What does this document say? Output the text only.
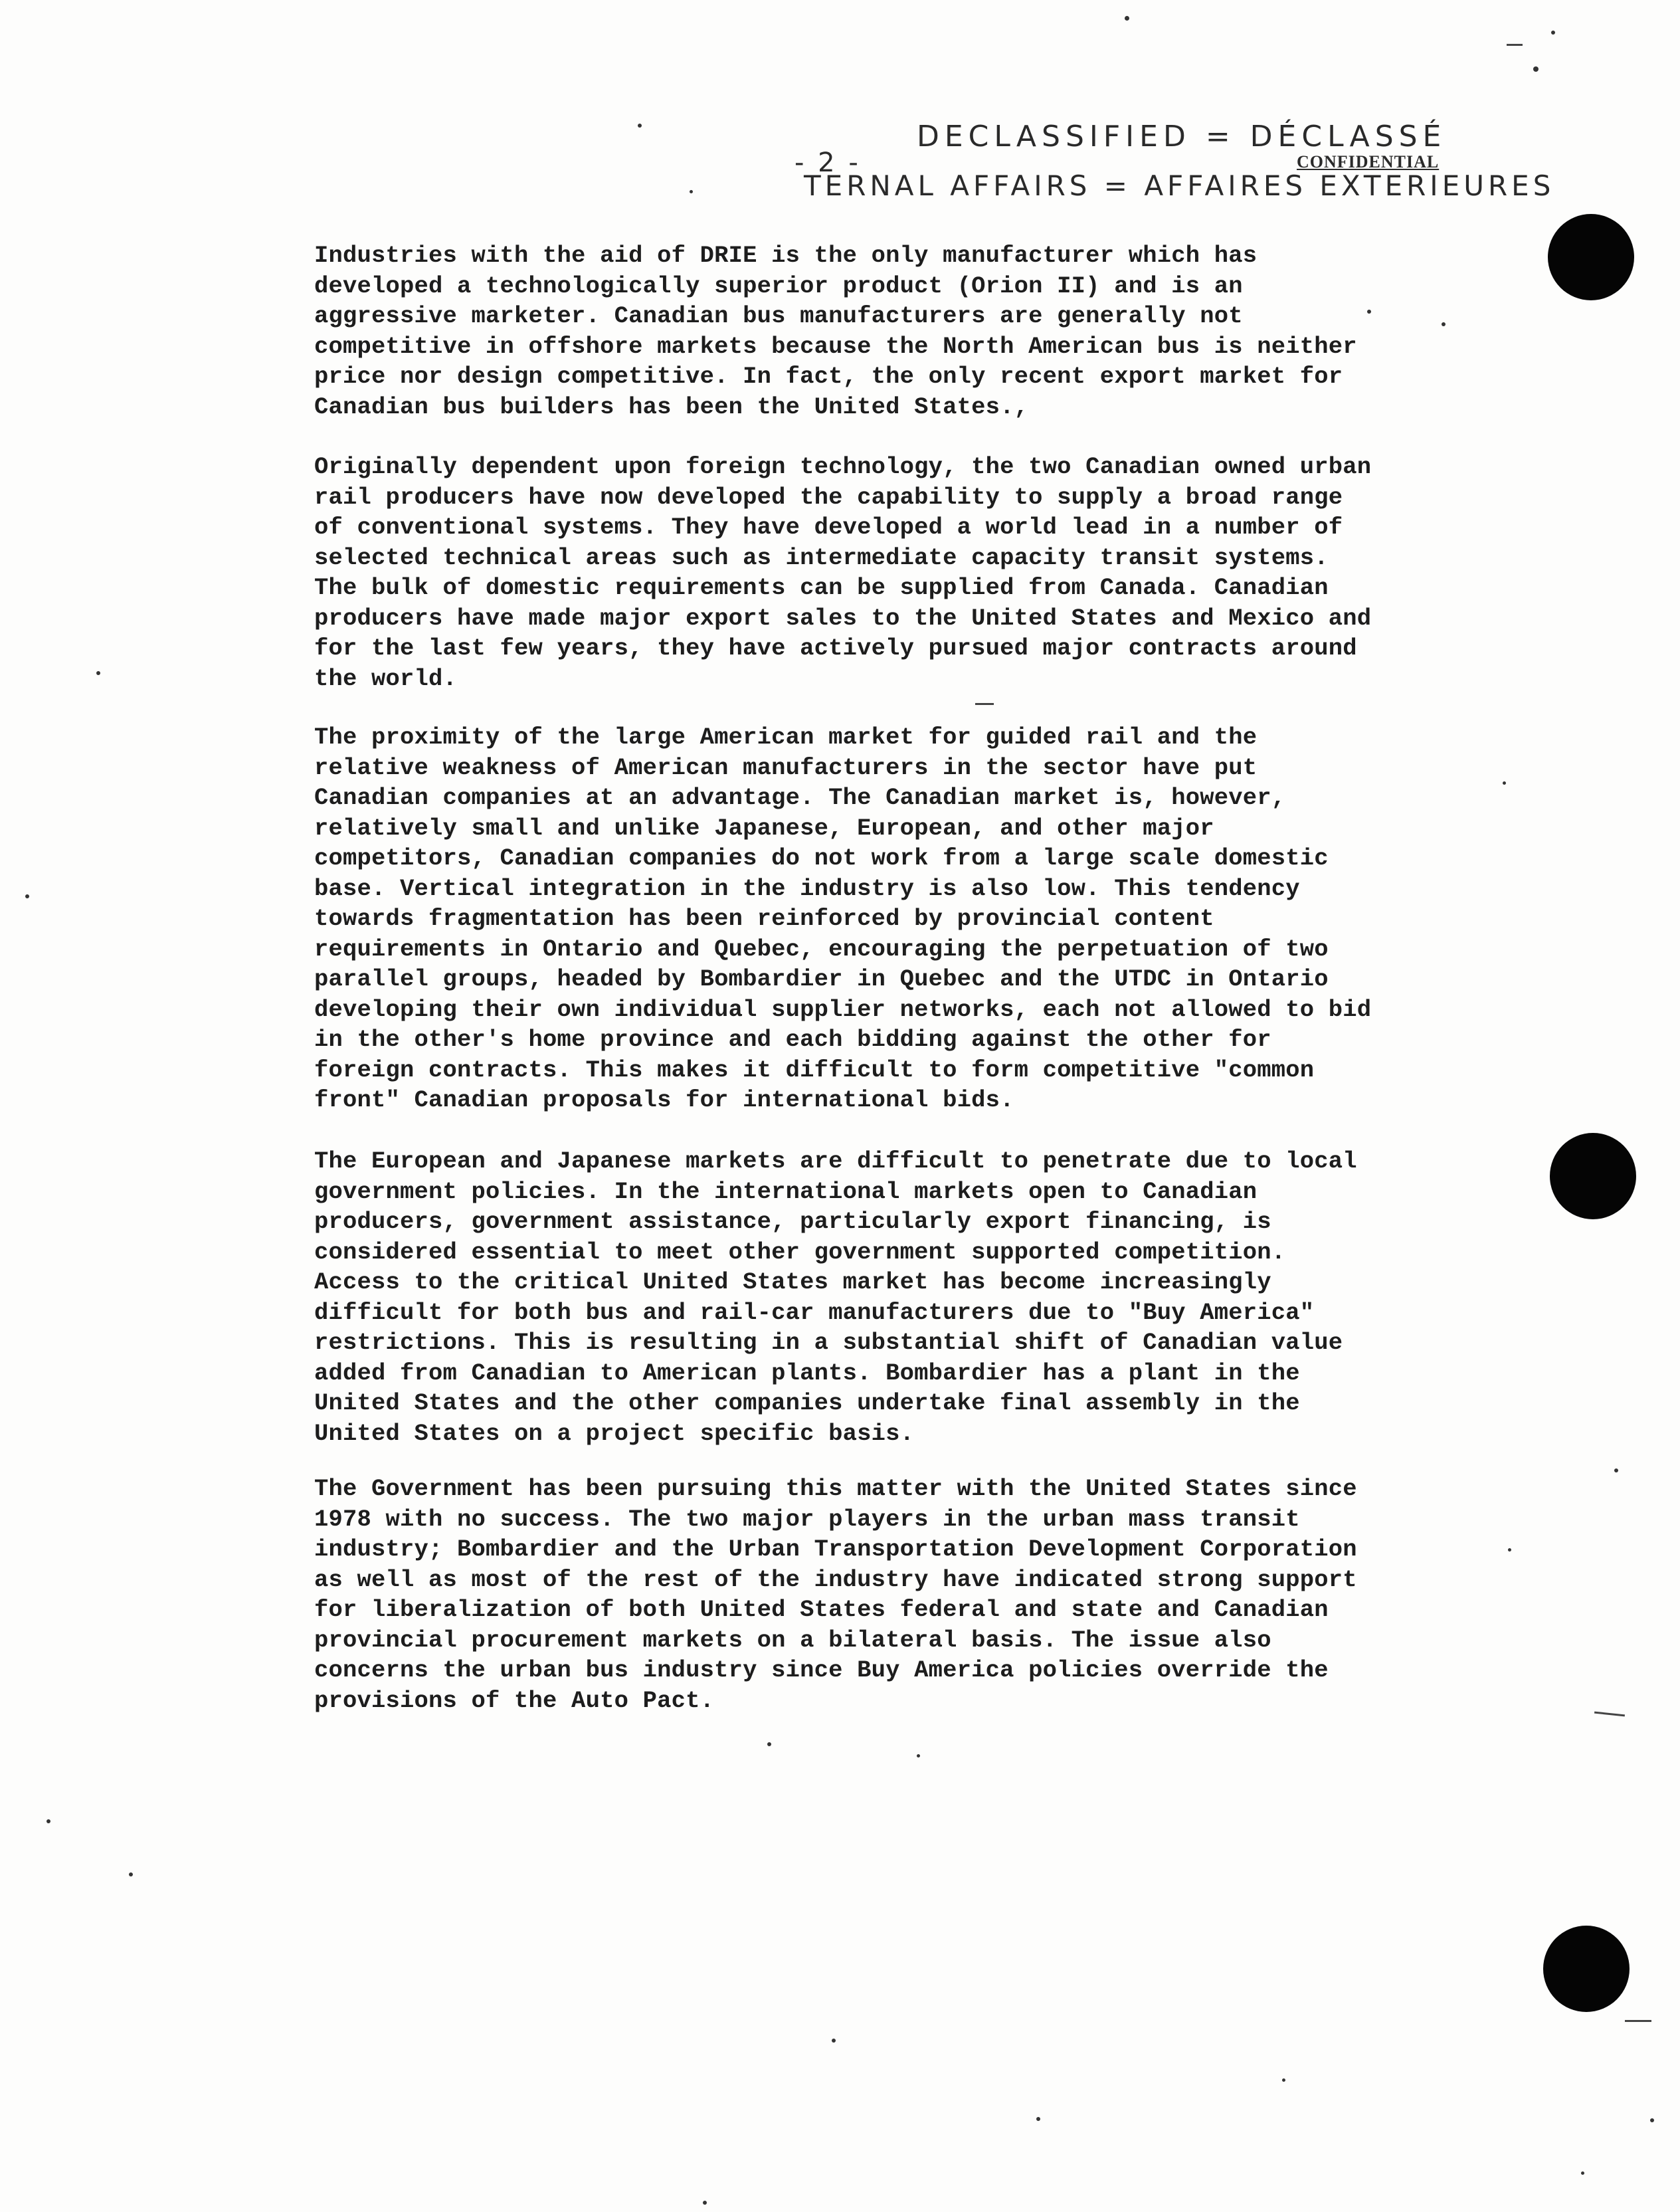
DECLASSIFIED = DÉCLASSÉ
- 2 -	CONFIDENTIAL
TERNAL AFFAIRS = AFFAIRES EXTERIEURES
Industries with the aid of DRIE is the only manufacturer which has
developed a technologically superior product (Orion II) and is an
aggressive marketer. Canadian bus manufacturers are generally not
competitive in offshore markets because the North American bus is neither
price nor design competitive. In fact, the only recent export market for
Canadian bus builders has been the United States.,
Originally dependent upon foreign technology, the two Canadian owned urban
rail producers have now developed the capability to supply a broad range
of conventional systems. They have developed a world lead in a number of
selected technical areas such as intermediate capacity transit systems.
The bulk of domestic requirements can be supplied from Canada. Canadian
producers have made major export sales to the United States and Mexico and
for the last few years, they have actively pursued major contracts around
the world.
The proximity of the large American market for guided rail and the
relative weakness of American manufacturers in the sector have put
Canadian companies at an advantage. The Canadian market is, however,
relatively small and unlike Japanese, European, and other major
competitors, Canadian companies do not work from a large scale domestic
base. Vertical integration in the industry is also low. This tendency
towards fragmentation has been reinforced by provincial content
requirements in Ontario and Quebec, encouraging the perpetuation of two
parallel groups, headed by Bombardier in Quebec and the UTDC in Ontario
developing their own individual supplier networks, each not allowed to bid
in the other's home province and each bidding against the other for
foreign contracts. This makes it difficult to form competitive "common
front" Canadian proposals for international bids.
The European and Japanese markets are difficult to penetrate due to local
government policies. In the international markets open to Canadian
producers, government assistance, particularly export financing, is
considered essential to meet other government supported competition.
Access to the critical United States market has become increasingly
difficult for both bus and rail-car manufacturers due to "Buy America"
restrictions. This is resulting in a substantial shift of Canadian value
added from Canadian to American plants. Bombardier has a plant in the
United States and the other companies undertake final assembly in the
United States on a project specific basis.
The Government has been pursuing this matter with the United States since
1978 with no success. The two major players in the urban mass transit
industry; Bombardier and the Urban Transportation Development Corporation
as well as most of the rest of the industry have indicated strong support
for liberalization of both United States federal and state and Canadian
provincial procurement markets on a bilateral basis. The issue also
concerns the urban bus industry since Buy America policies override the
provisions of the Auto Pact.
